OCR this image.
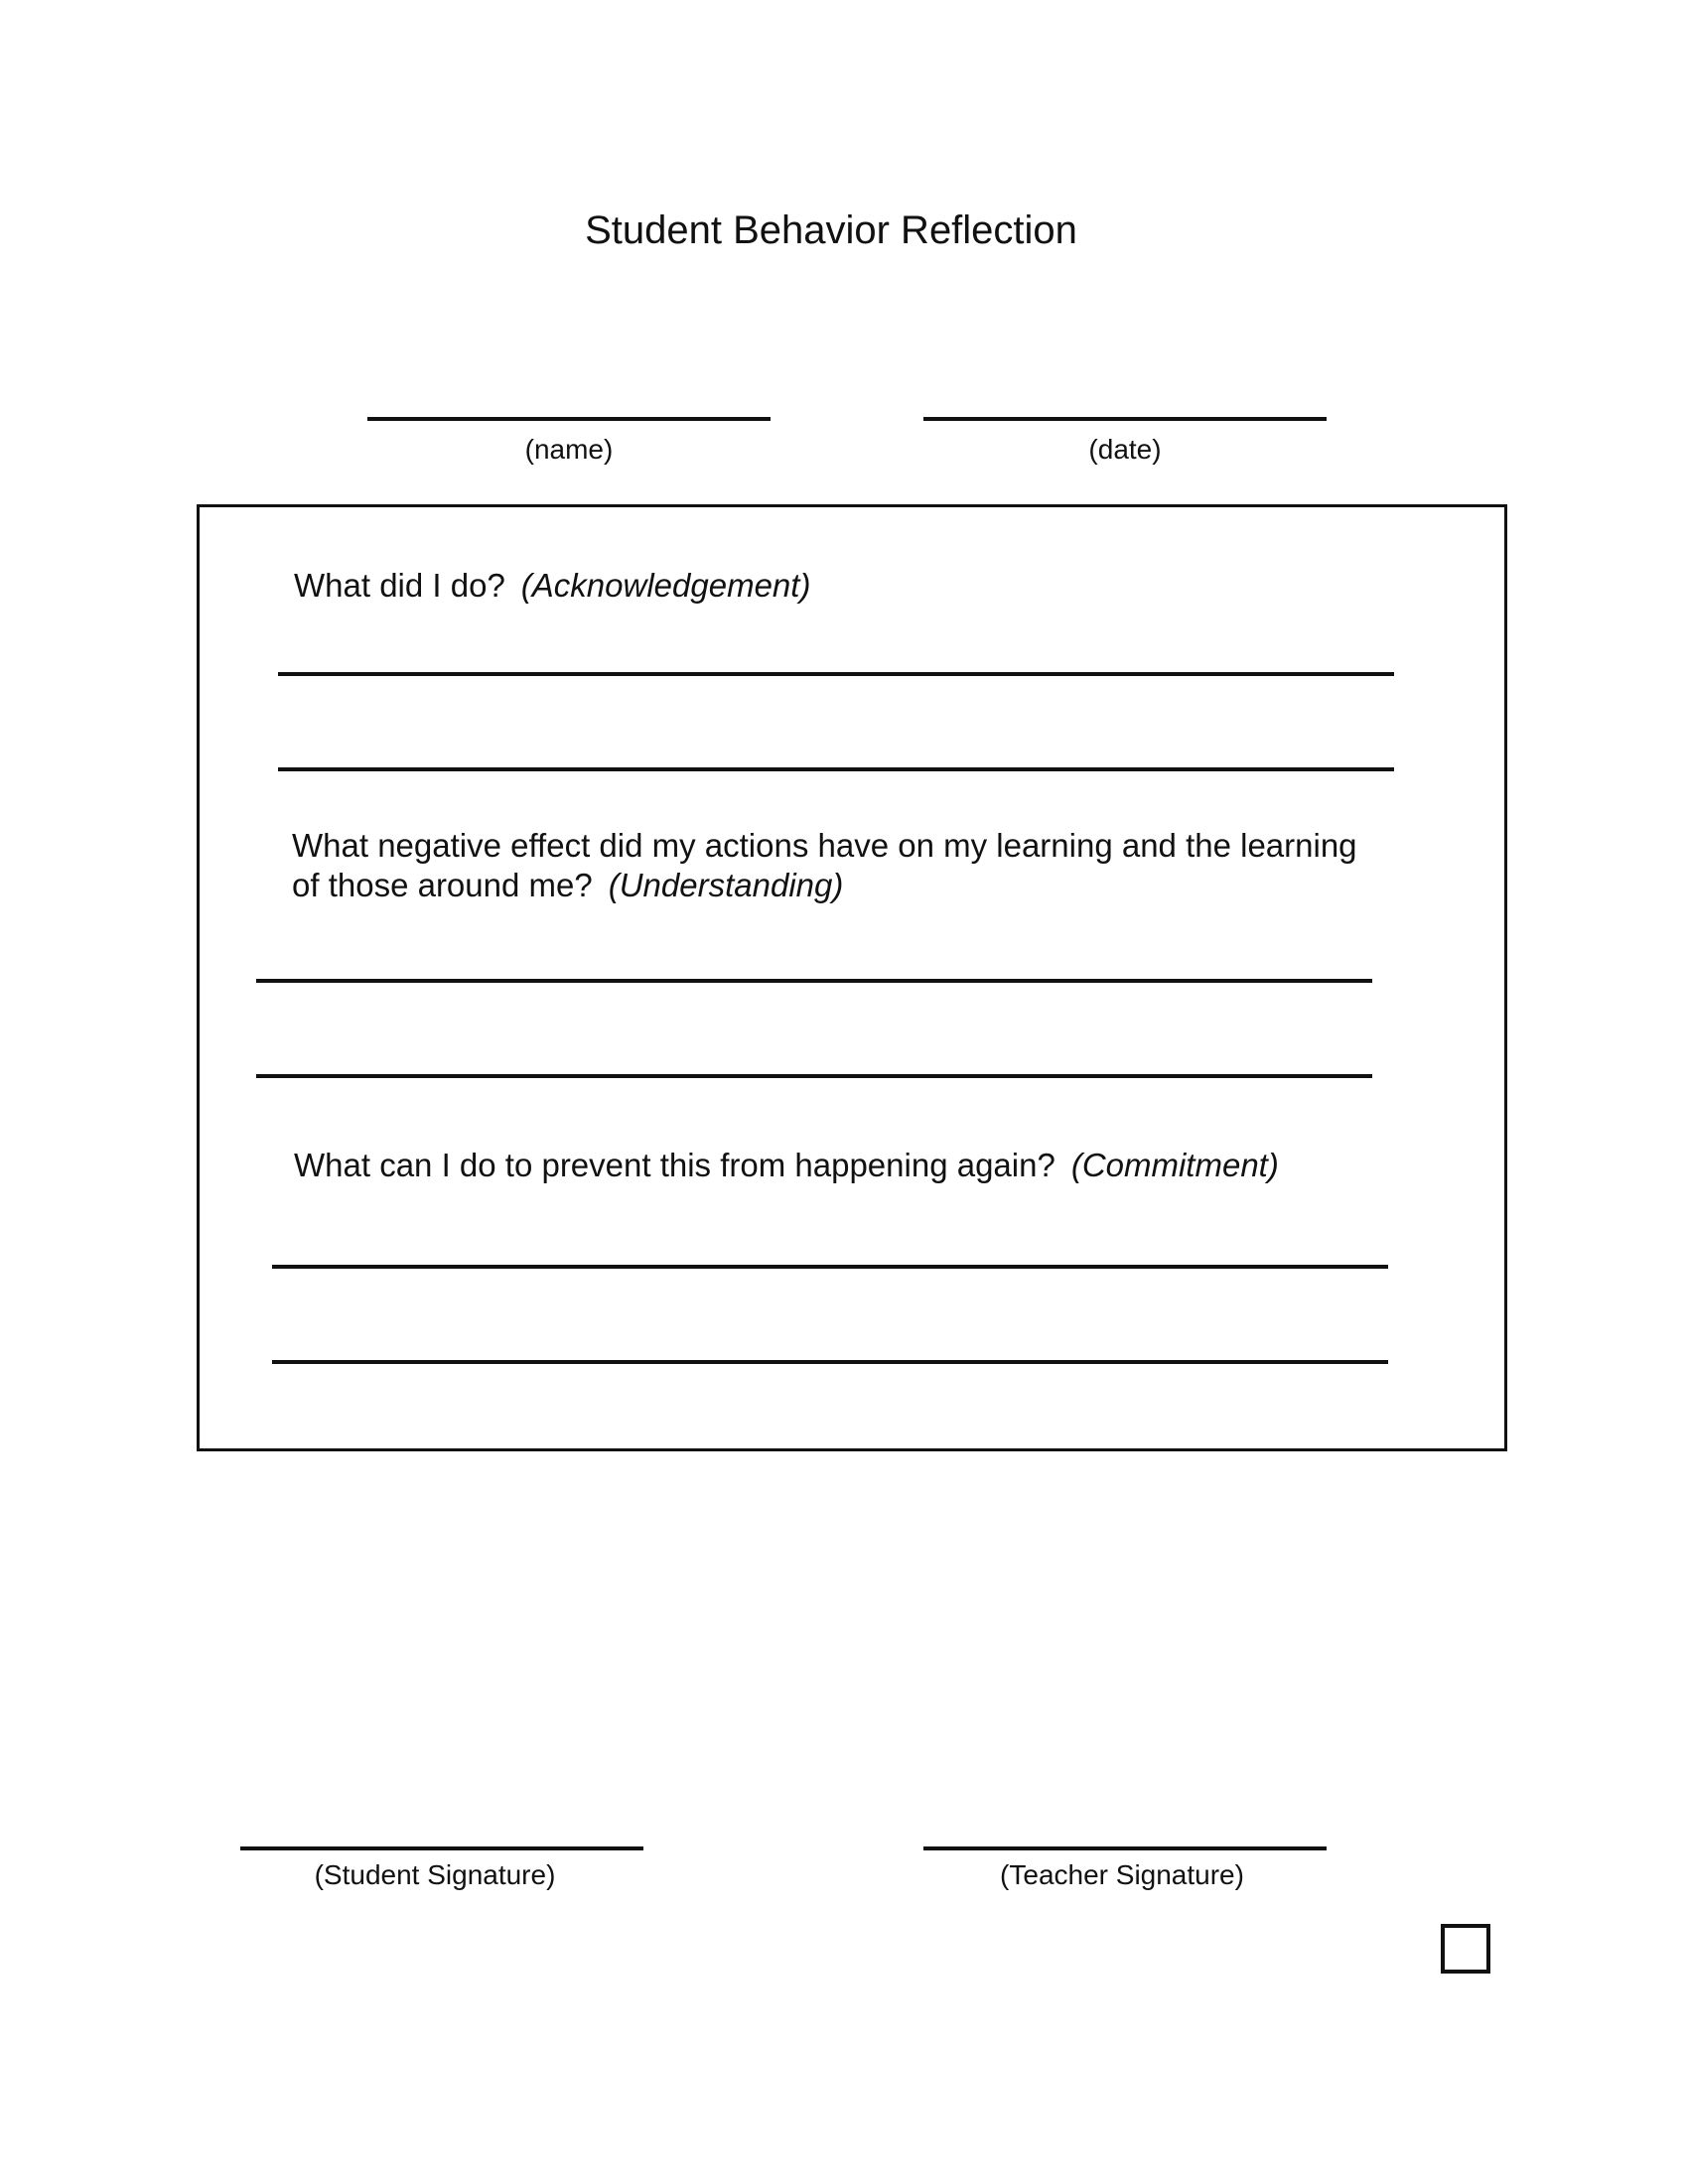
Student Behavior Reflection
(name)	(date)
What did I do? (Acknowledgement)
What negative effect did my actions have on my learning and the learning
of those around me? (Understanding)
What can I do to prevent this from happening again? (Commitment)
(Student Signature)	(Teacher Signature)
